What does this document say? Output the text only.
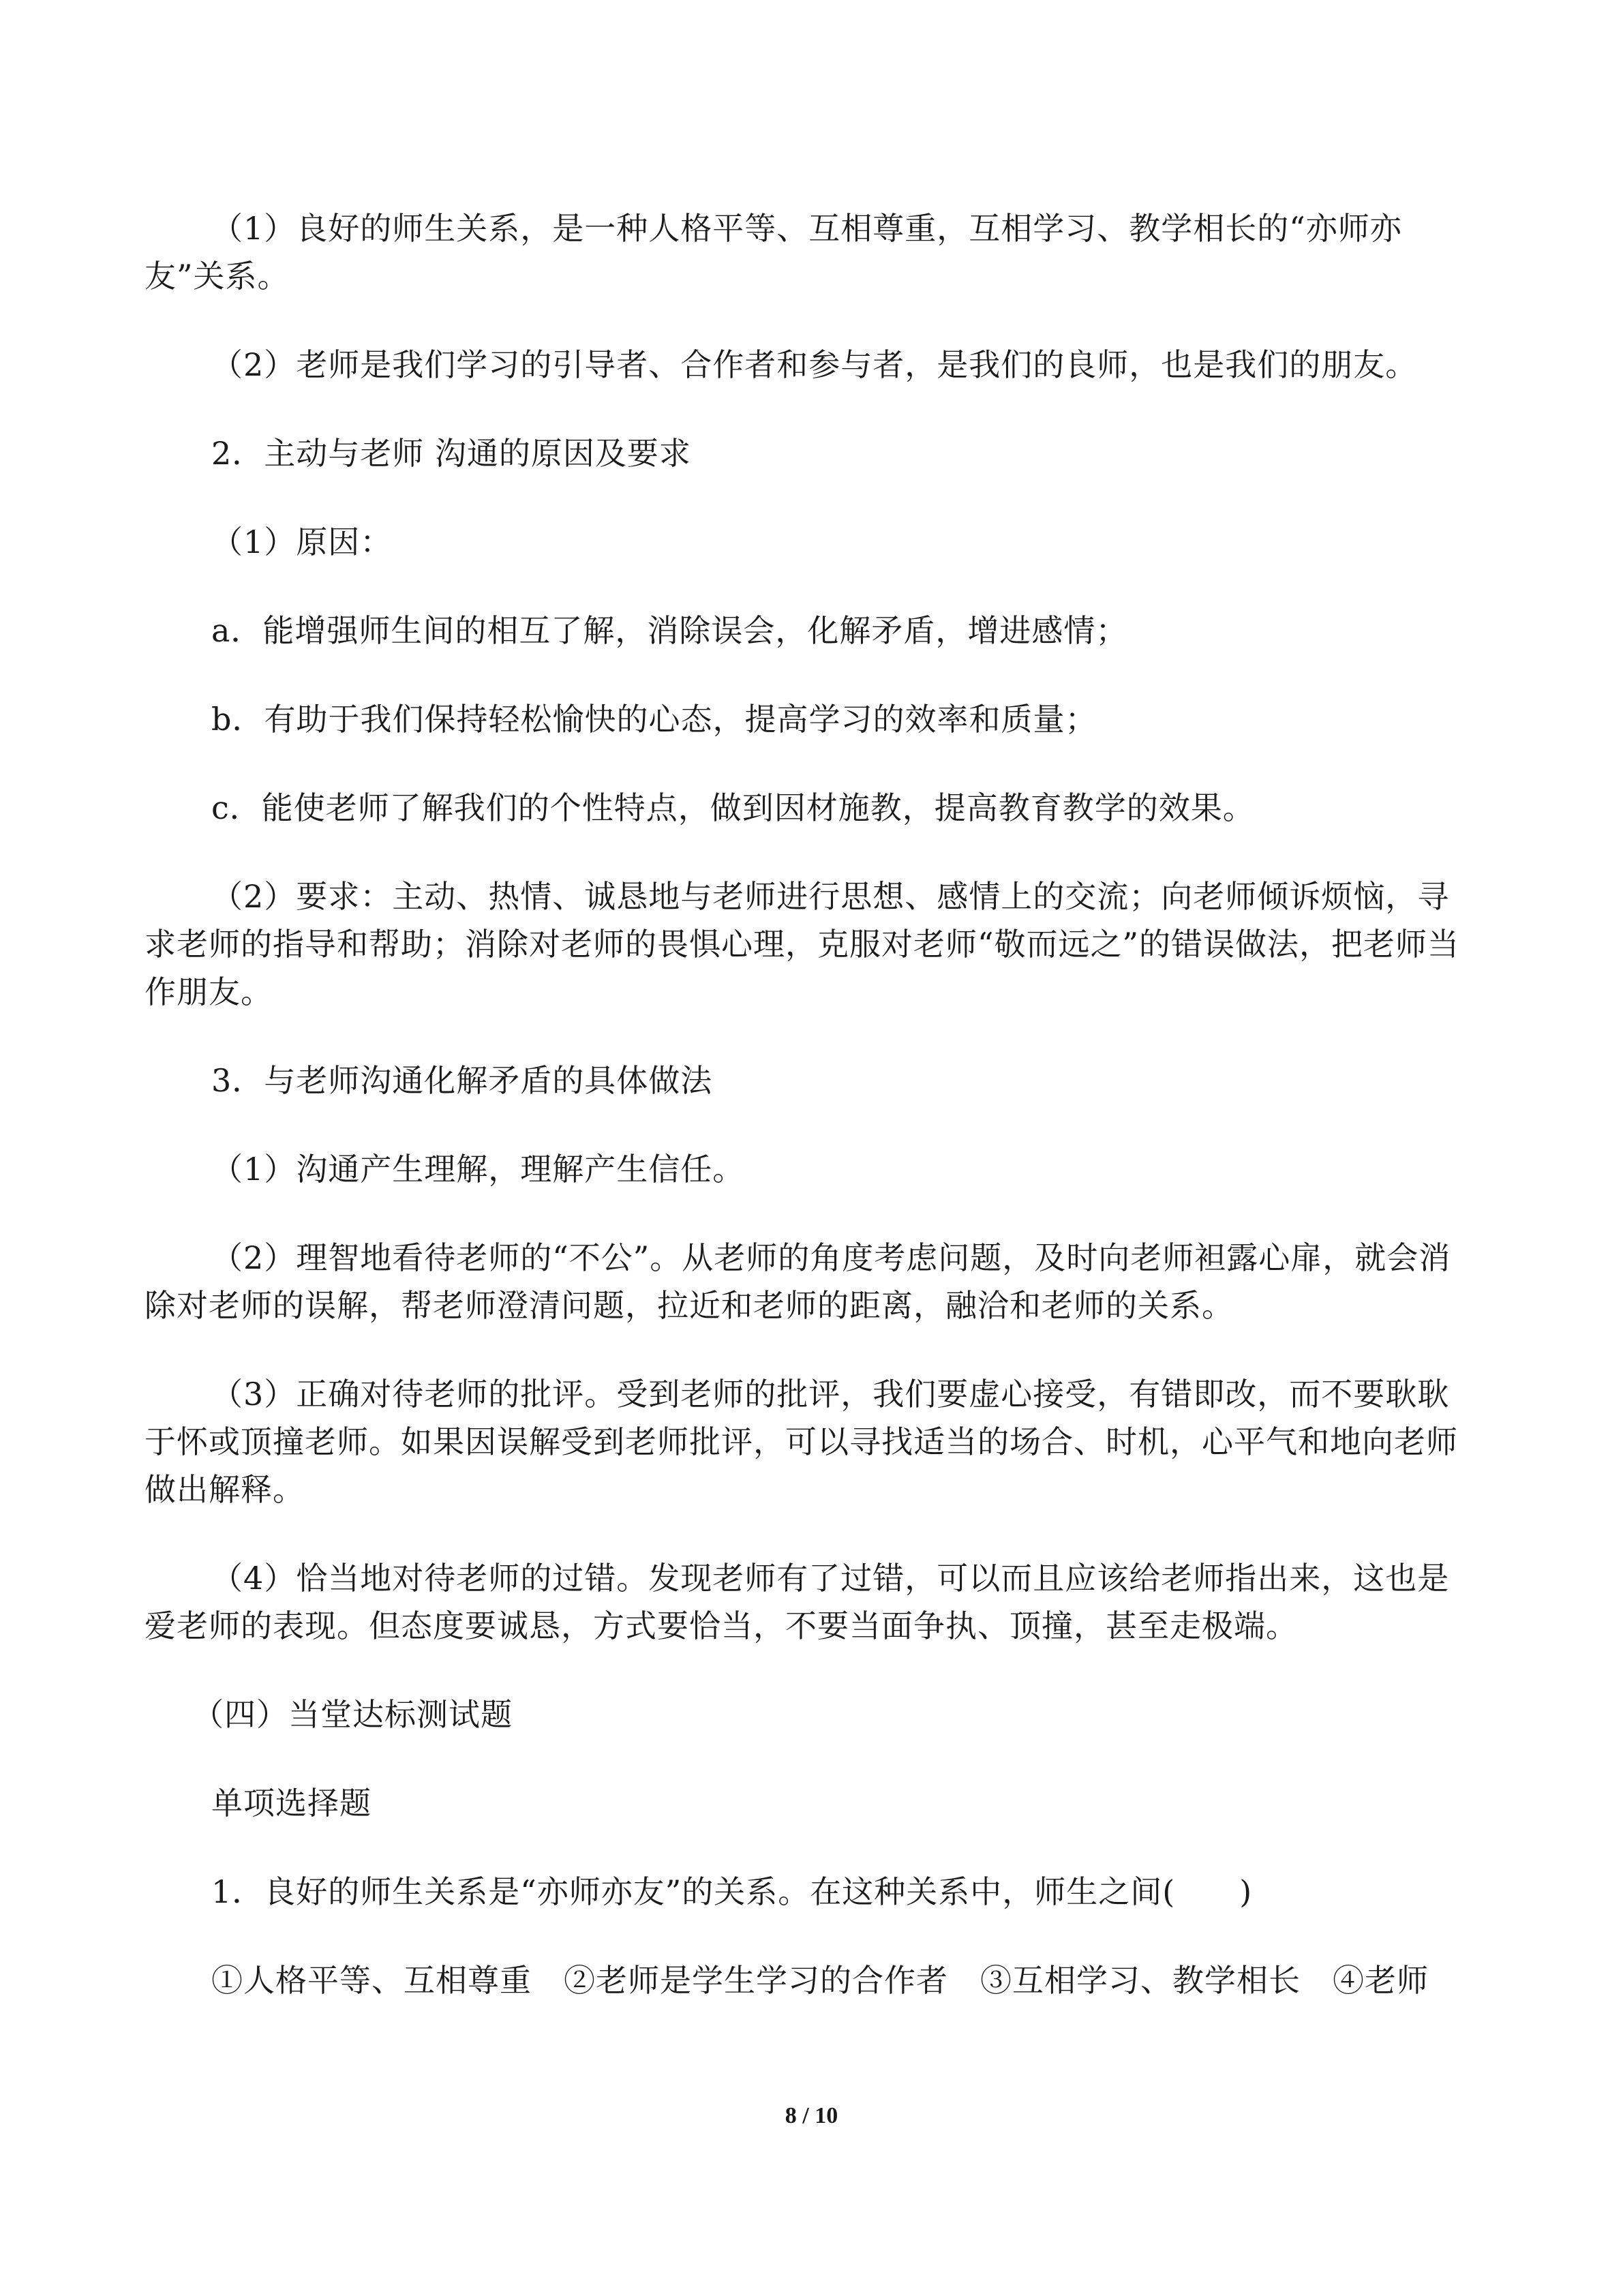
（1）良好的师生关系，是一种人格平等、互相尊重，互相学习、教学相长的“亦师亦友”关系。

（2）老师是我们学习的引导者、合作者和参与者，是我们的良师，也是我们的朋友。

2．主动与老师 沟通的原因及要求

（1）原因：

a．能增强师生间的相互了解，消除误会，化解矛盾，增进感情；

b．有助于我们保持轻松愉快的心态，提高学习的效率和质量；

c．能使老师了解我们的个性特点，做到因材施教，提高教育教学的效果。

（2）要求：主动、热情、诚恳地与老师进行思想、感情上的交流；向老师倾诉烦恼，寻求老师的指导和帮助；消除对老师的畏惧心理，克服对老师“敬而远之”的错误做法，把老师当作朋友。

3．与老师沟通化解矛盾的具体做法

（1）沟通产生理解，理解产生信任。

（2）理智地看待老师的“不公”。从老师的角度考虑问题，及时向老师袒露心扉，就会消除对老师的误解，帮老师澄清问题，拉近和老师的距离，融洽和老师的关系。

（3）正确对待老师的批评。受到老师的批评，我们要虚心接受，有错即改，而不要耿耿于怀或顶撞老师。如果因误解受到老师批评，可以寻找适当的场合、时机，心平气和地向老师做出解释。

（4）恰当地对待老师的过错。发现老师有了过错，可以而且应该给老师指出来，这也是爱老师的表现。但态度要诚恳，方式要恰当，不要当面争执、顶撞，甚至走极端。

（四）当堂达标测试题

单项选择题

1．良好的师生关系是“亦师亦友”的关系。在这种关系中，师生之间(　　)

①人格平等、互相尊重　②老师是学生学习的合作者　③互相学习、教学相长　④老师

8 / 10
